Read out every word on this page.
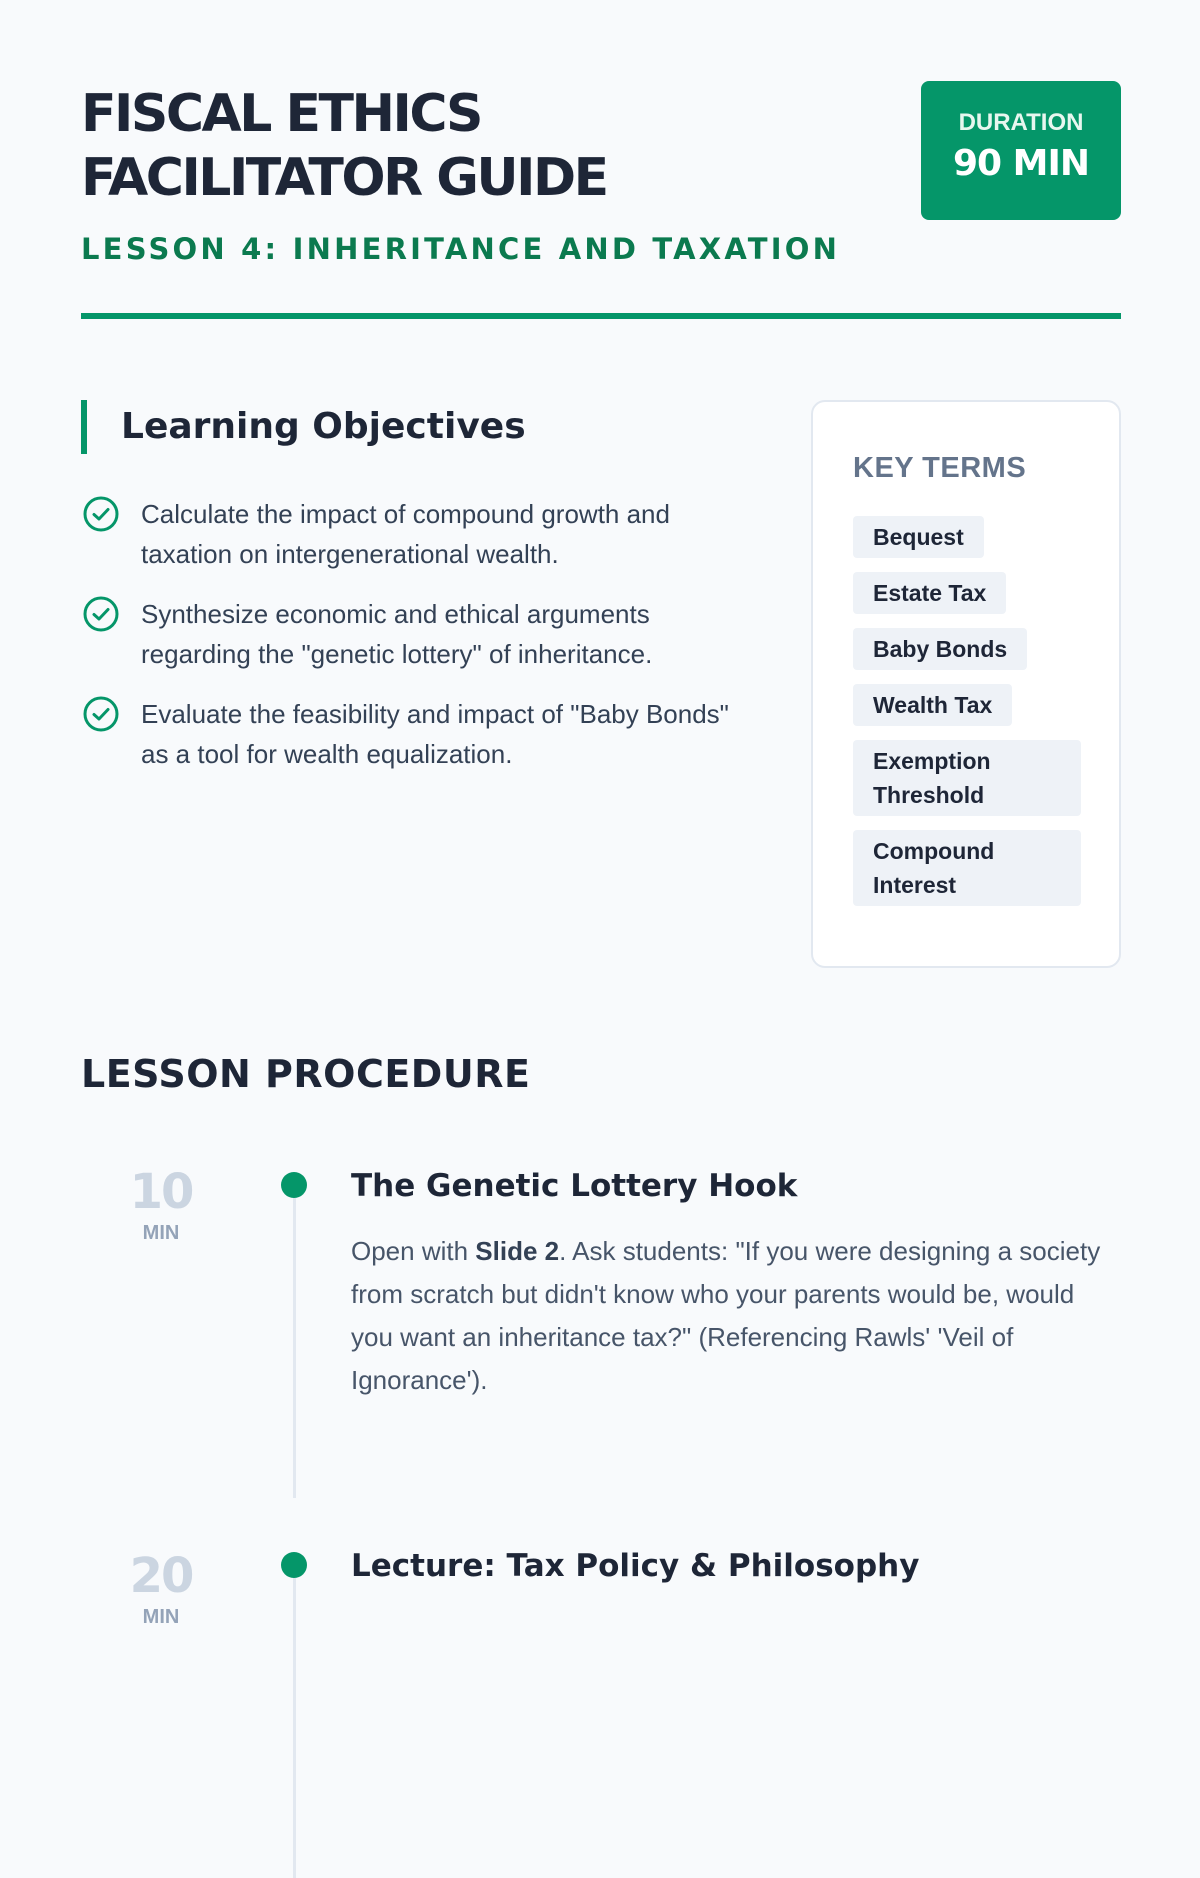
FISCAL ETHICS
FACILITATOR GUIDE
LESSON 4: INHERITANCE AND TAXATION
DURATION
90 MIN
Learning Objectives
Calculate the impact of compound growth and taxation on intergenerational wealth.
Synthesize economic and ethical arguments regarding the "genetic lottery" of inheritance.
Evaluate the feasibility and impact of "Baby Bonds" as a tool for wealth equalization.
KEY TERMS
Bequest
Estate Tax
Baby Bonds
Wealth Tax
Exemption Threshold
Compound Interest
LESSON PROCEDURE
10
MIN
The Genetic Lottery Hook

Open with Slide 2. Ask students: "If you were designing a society from scratch but didn't know who your parents would be, would you want an inheritance tax?" (Referencing Rawls' 'Veil of Ignorance').

20
MIN
Lecture: Tax Policy & Philosophy
